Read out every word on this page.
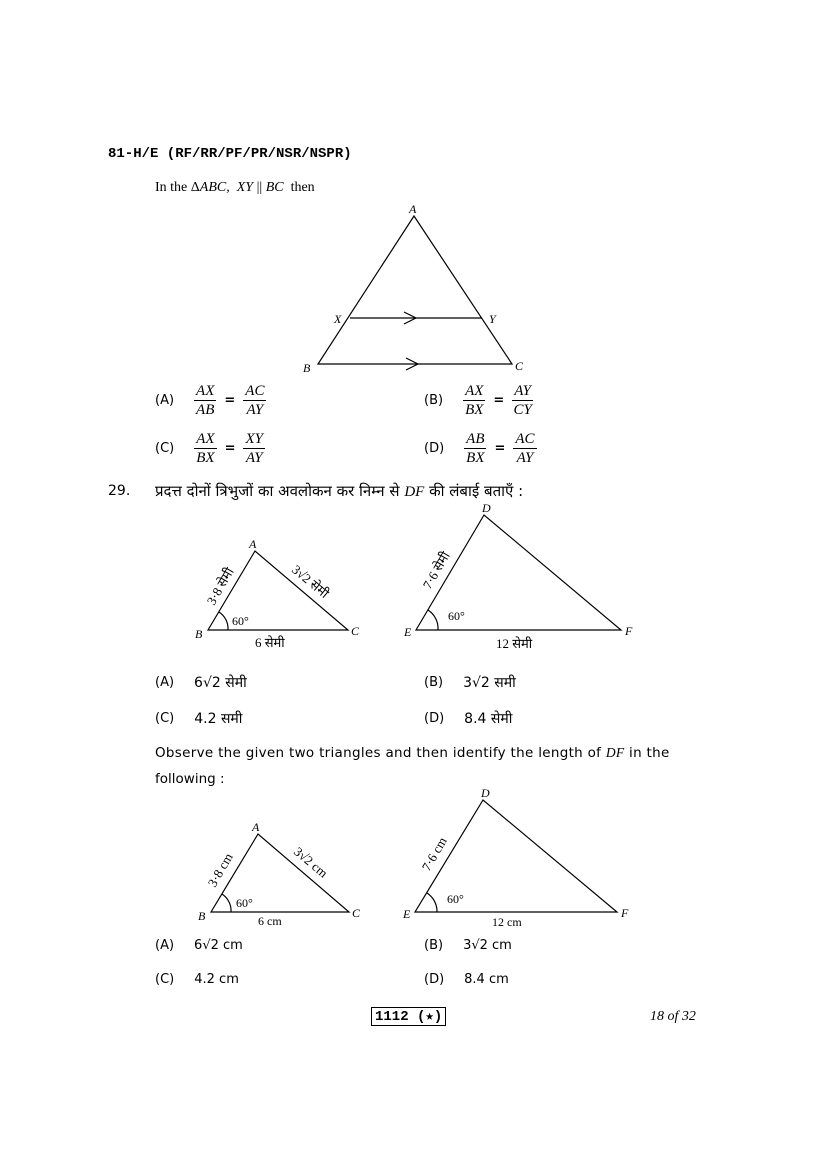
81-H/E (RF/RR/PF/PR/NSR/NSPR)
In the ΔABC, XY || BC then
A
B	C
X	Y
A
B	C
60°
6 सेमी
3·8 सेमी	3√2 सेमी
D
E	F
60°
12 सेमी
7·6 सेमी
A
B	C
60°
6 cm
3·8 cm	3√2 cm
D
E	F
60°
12 cm
7·6 cm
$(A) \frac{AX}{AB} = \frac{AC}{AY}$	$(B) \frac{AX}{BX} = \frac{AY}{CY}$
$(C) \frac{AX}{BX} = \frac{XY}{AY}$	$(D) \frac{AB}{BX} = \frac{AC}{AY}$
29. प्रदत्त दोनों त्रिभुजों का अवलोकन कर निम्न से DF की लंबाई बताएँ :
(A) 6√2 सेमी	(B) 3√2 समी
(C) 4.2 समी	(D) 8.4 सेमी
Observe the given two triangles and then identify the length of DF in the
following :
(A) 6√2 cm	(B) 3√2 cm
(C) 4.2 cm	(D) 8.4 cm
1112 (★)	18 of 32
